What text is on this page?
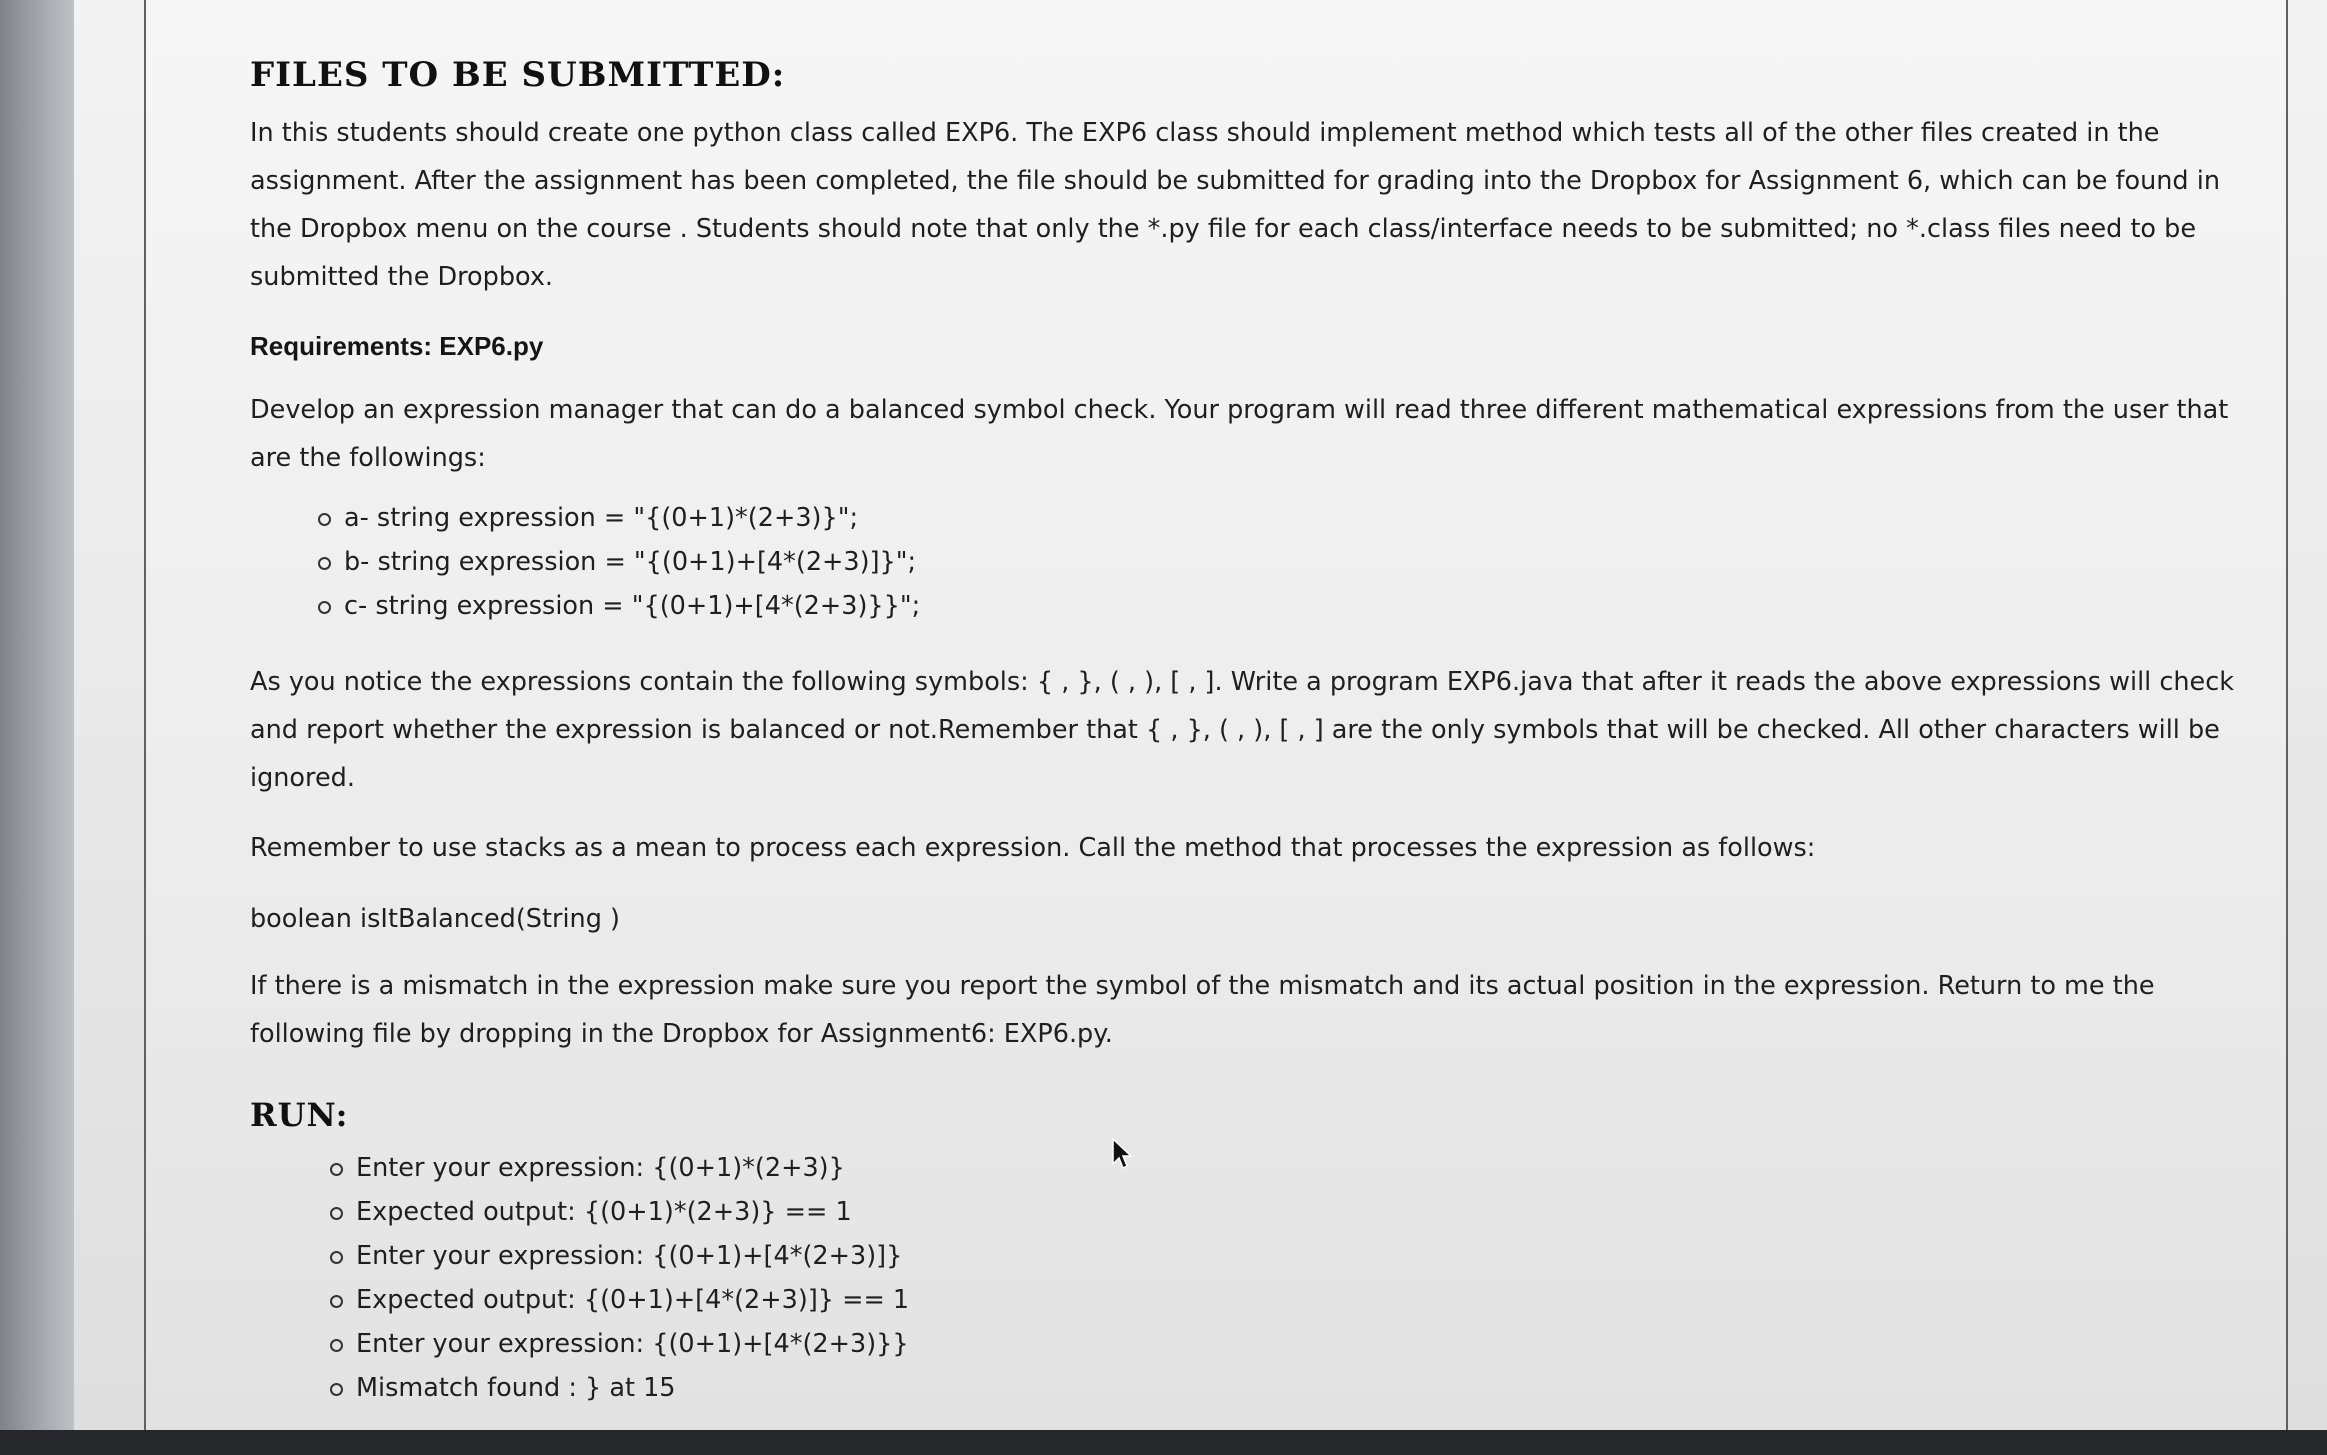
FILES TO BE SUBMITTED:

In this students should create one python class called EXP6. The EXP6 class should implement method which tests all of the other files created in the assignment. After the assignment has been completed, the file should be submitted for grading into the Dropbox for Assignment 6, which can be found in the Dropbox menu on the course . Students should note that only the *.py file for each class/interface needs to be submitted; no *.class files need to be submitted the Dropbox.

Requirements: EXP6.py

Develop an expression manager that can do a balanced symbol check. Your program will read three different mathematical expressions from the user that are the followings:

a- string expression = "{(0+1)*(2+3)}";
b- string expression = "{(0+1)+[4*(2+3)]}";
c- string expression = "{(0+1)+[4*(2+3)}}";

As you notice the expressions contain the following symbols: { , }, ( , ), [ , ]. Write a program EXP6.java that after it reads the above expressions will check and report whether the expression is balanced or not.Remember that { , }, ( , ), [ , ] are the only symbols that will be checked. All other characters will be ignored.

Remember to use stacks as a mean to process each expression. Call the method that processes the expression as follows:

boolean isItBalanced(String )

If there is a mismatch in the expression make sure you report the symbol of the mismatch and its actual position in the expression. Return to me the following file by dropping in the Dropbox for Assignment6: EXP6.py.

RUN:
Enter your expression: {(0+1)*(2+3)}
Expected output: {(0+1)*(2+3)} == 1
Enter your expression: {(0+1)+[4*(2+3)]}
Expected output: {(0+1)+[4*(2+3)]} == 1
Enter your expression: {(0+1)+[4*(2+3)}}
Mismatch found : } at 15
